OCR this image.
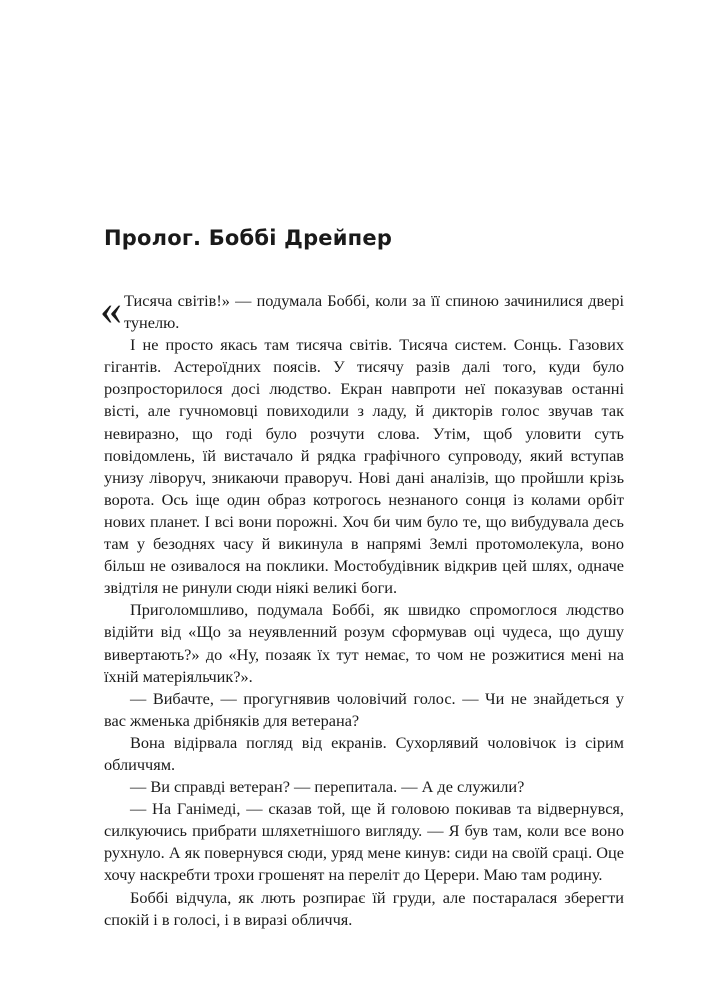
Пролог. Боббі Дрейпер

« Тисяча світів!» — подумала Боббі, коли за її спиною зачинилися двері тунелю.

І не просто якась там тисяча світів. Тисяча систем. Сонць. Газових гігантів. Астероїдних поясів. У тисячу разів далі того, куди було розпросторилося досі людство. Екран навпроти неї показував останні вісті, але гучномовці повиходили з ладу, й дикторів голос звучав так невиразно, що годі було розчути слова. Утім, щоб уловити суть повідомлень, їй вистачало й рядка графічного супроводу, який вступав унизу ліворуч, зникаючи праворуч. Нові дані аналізів, що пройшли крізь ворота. Ось іще один образ котрогось незнаного сонця із колами орбіт нових планет. І всі вони порожні. Хоч би чим було те, що вибудувала десь там у безоднях часу й викинула в напрямі Землі протомолекула, воно більш не озивалося на поклики. Мостобудівник відкрив цей шлях, одначе звідтіля не ринули сюди ніякі великі боги.

Приголомшливо, подумала Боббі, як швидко спромоглося людство відійти від «Що за неуявленний розум сформував оці чудеса, що душу вивертають?» до «Ну, позаяк їх тут немає, то чом не розжитися мені на їхній матеріяльчик?».

— Вибачте, — прогугнявив чоловічий голос. — Чи не знайдеться у вас жменька дрібняків для ветерана?

Вона відірвала погляд від екранів. Сухорлявий чоловічок із сірим обличчям.

— Ви справді ветеран? — перепитала. — А де служили?

— На Ганімеді, — сказав той, ще й головою покивав та відвернувся, силкуючись прибрати шляхетнішого вигляду. — Я був там, коли все воно рухнуло. А як повернувся сюди, уряд мене кинув: сиди на своїй сраці. Оце хочу наскребти трохи грошенят на переліт до Церери. Маю там родину.

Боббі відчула, як лють розпирає їй груди, але постаралася зберегти спокій і в голосі, і в виразі обличчя.
